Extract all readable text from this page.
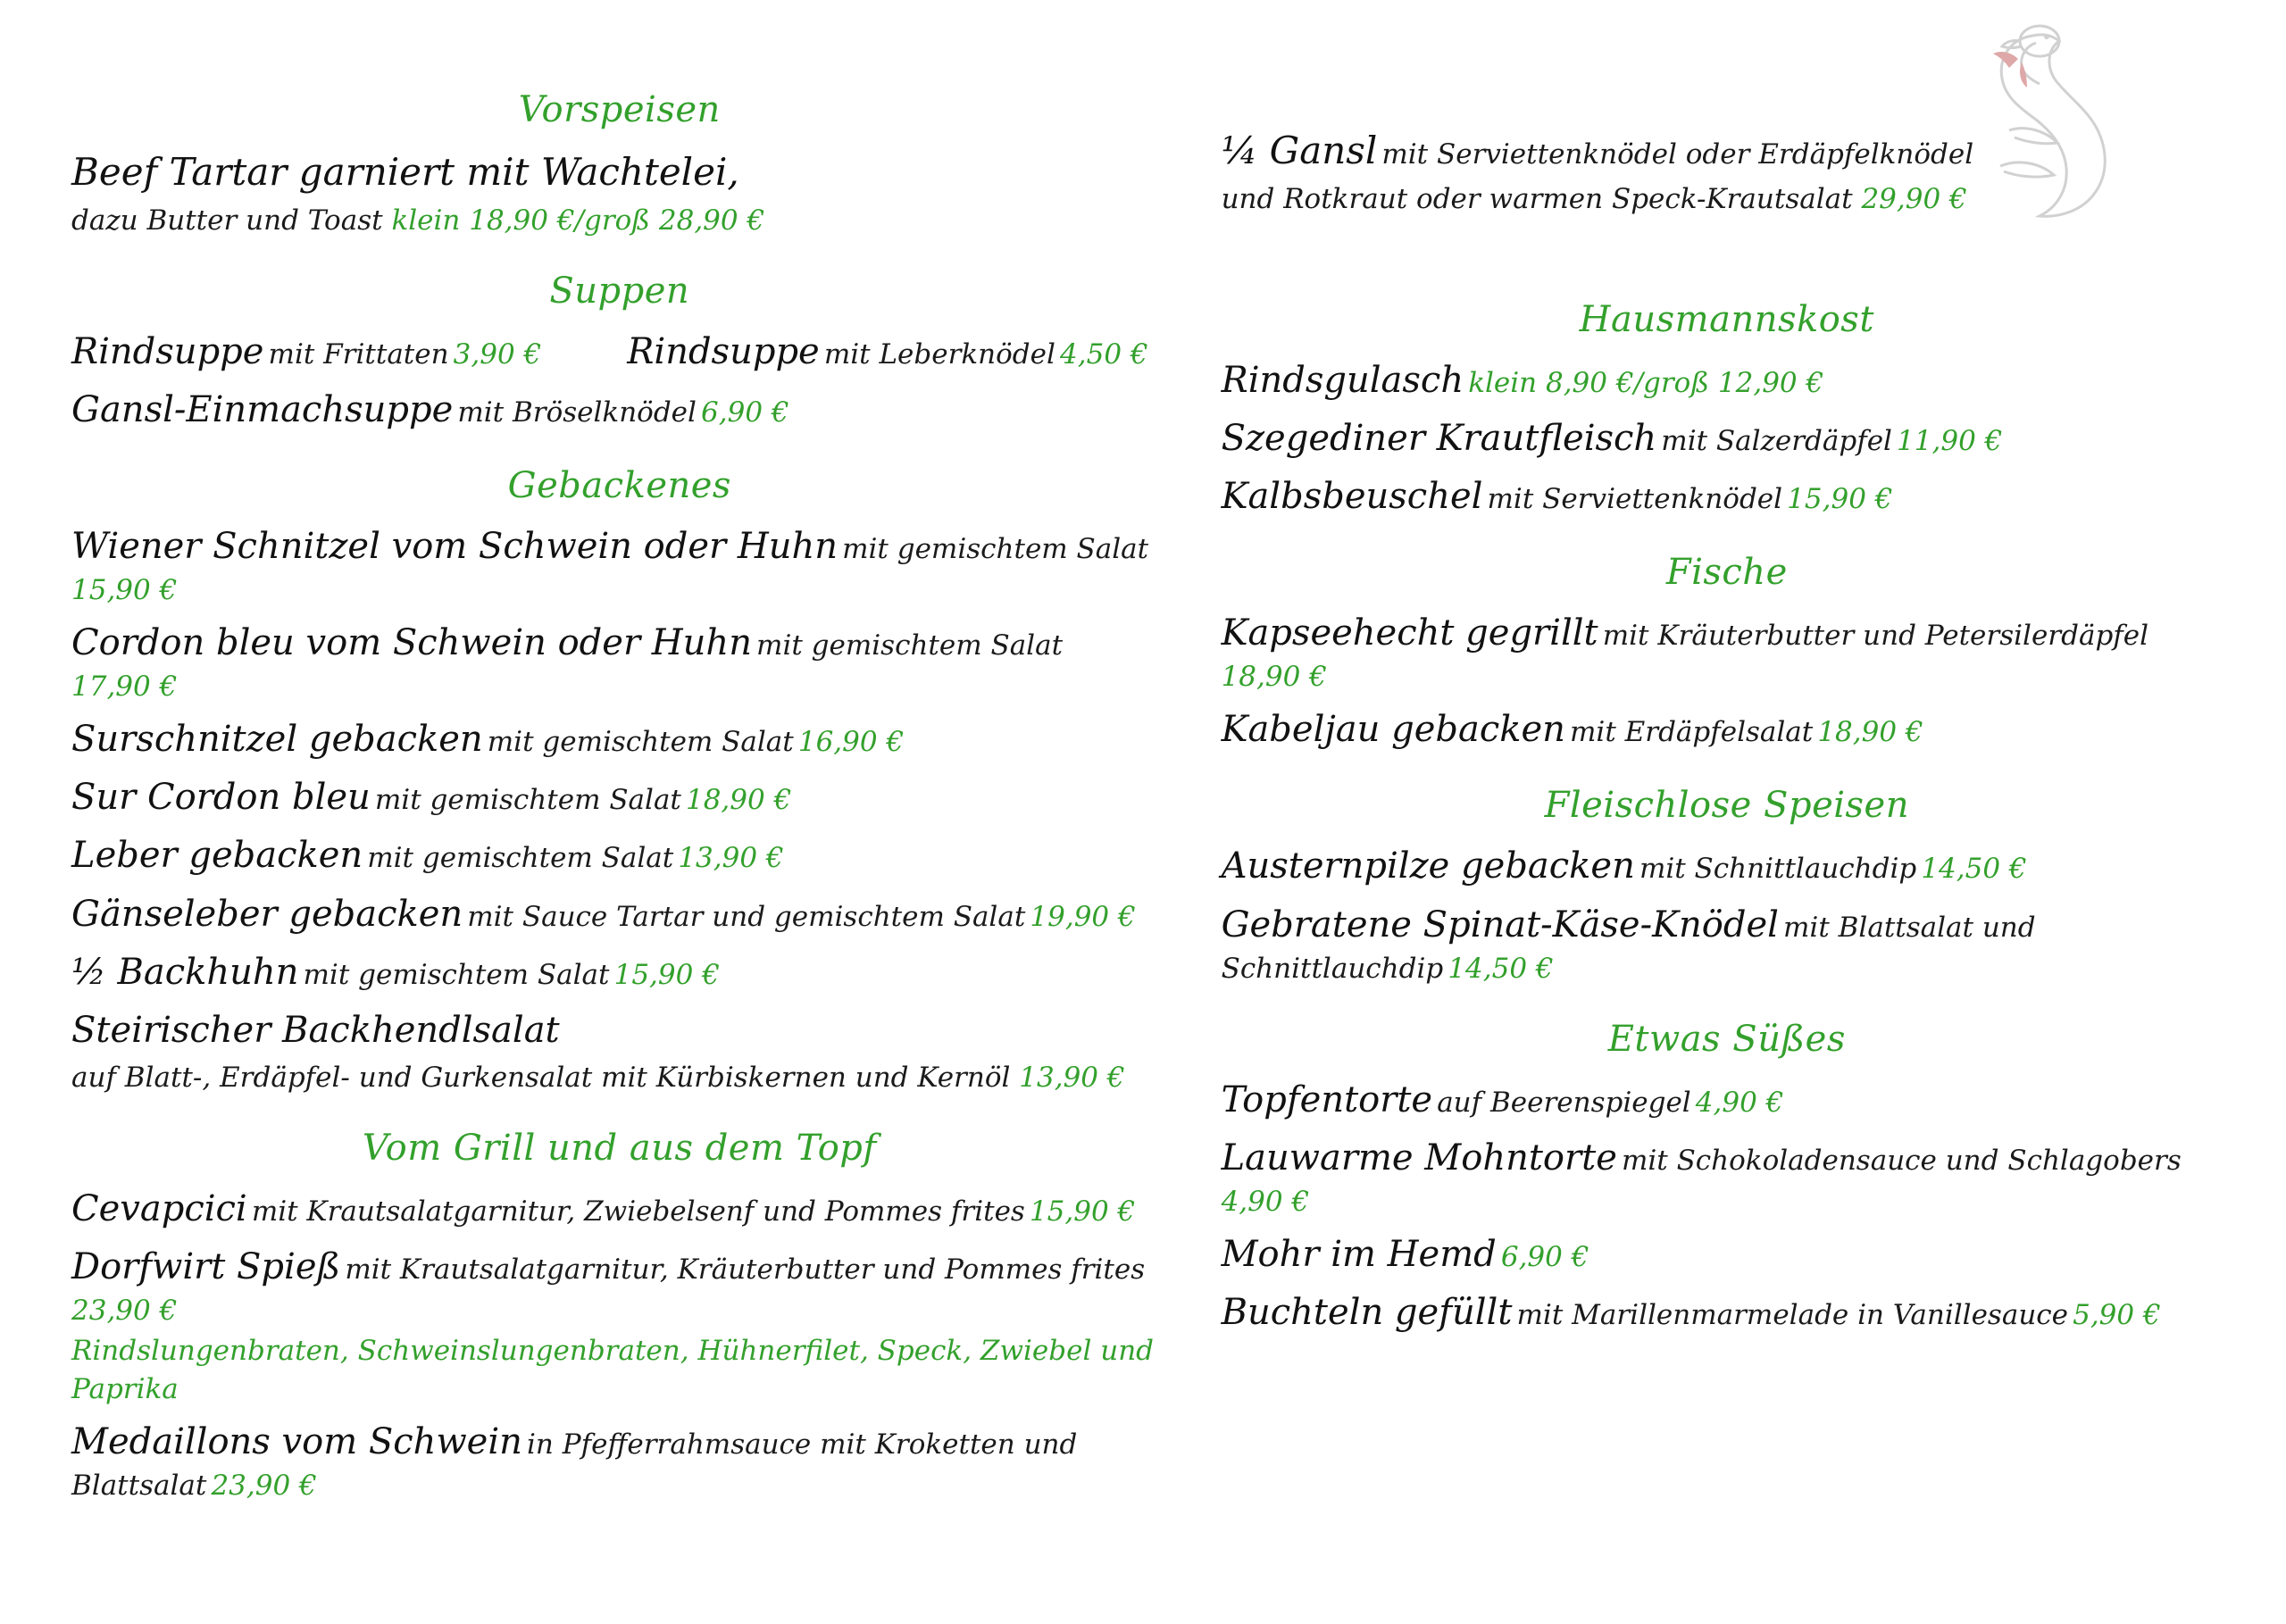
Vorspeisen
Beef Tartar garniert mit Wachtelei,
dazu Butter und Toast klein 18,90 €/groß 28,90 €
Suppen
Rindsuppe mit Frittaten 3,90 € Rindsuppe mit Leberknödel 4,50 €
Gansl-Einmachsuppe mit Bröselknödel 6,90 €
Gebackenes
Wiener Schnitzel vom Schwein oder Huhn mit gemischtem Salat 15,90 €
Cordon bleu vom Schwein oder Huhn mit gemischtem Salat 17,90 €
Surschnitzel gebacken mit gemischtem Salat 16,90 €
Sur Cordon bleu mit gemischtem Salat 18,90 €
Leber gebacken mit gemischtem Salat 13,90 €
Gänseleber gebacken mit Sauce Tartar und gemischtem Salat 19,90 €
½ Backhuhn mit gemischtem Salat 15,90 €
Steirischer Backhendlsalat
auf Blatt-, Erdäpfel- und Gurkensalat mit Kürbiskernen und Kernöl 13,90 €
Vom Grill und aus dem Topf
Cevapcici mit Krautsalatgarnitur, Zwiebelsenf und Pommes frites 15,90 €
Dorfwirt Spieß mit Krautsalatgarnitur, Kräuterbutter und Pommes frites 23,90 €
Rindslungenbraten, Schweinslungenbraten, Hühnerfilet, Speck, Zwiebel und Paprika
Medaillons vom Schwein in Pfefferrahmsauce mit Kroketten und Blattsalat 23,90 €
¼ Gansl mit Serviettenknödel oder Erdäpfelknödel
und Rotkraut oder warmen Speck-Krautsalat 29,90 €
Hausmannskost
Rindsgulasch klein 8,90 €/groß 12,90 €
Szegediner Krautfleisch mit Salzerdäpfel 11,90 €
Kalbsbeuschel mit Serviettenknödel 15,90 €
Fische
Kapseehecht gegrillt mit Kräuterbutter und Petersilerdäpfel 18,90 €
Kabeljau gebacken mit Erdäpfelsalat 18,90 €
Fleischlose Speisen
Austernpilze gebacken mit Schnittlauchdip 14,50 €
Gebratene Spinat-Käse-Knödel mit Blattsalat und Schnittlauchdip 14,50 €
Etwas Süßes
Topfentorte auf Beerenspiegel 4,90 €
Lauwarme Mohntorte mit Schokoladensauce und Schlagobers 4,90 €
Mohr im Hemd 6,90 €
Buchteln gefüllt mit Marillenmarmelade in Vanillesauce 5,90 €
